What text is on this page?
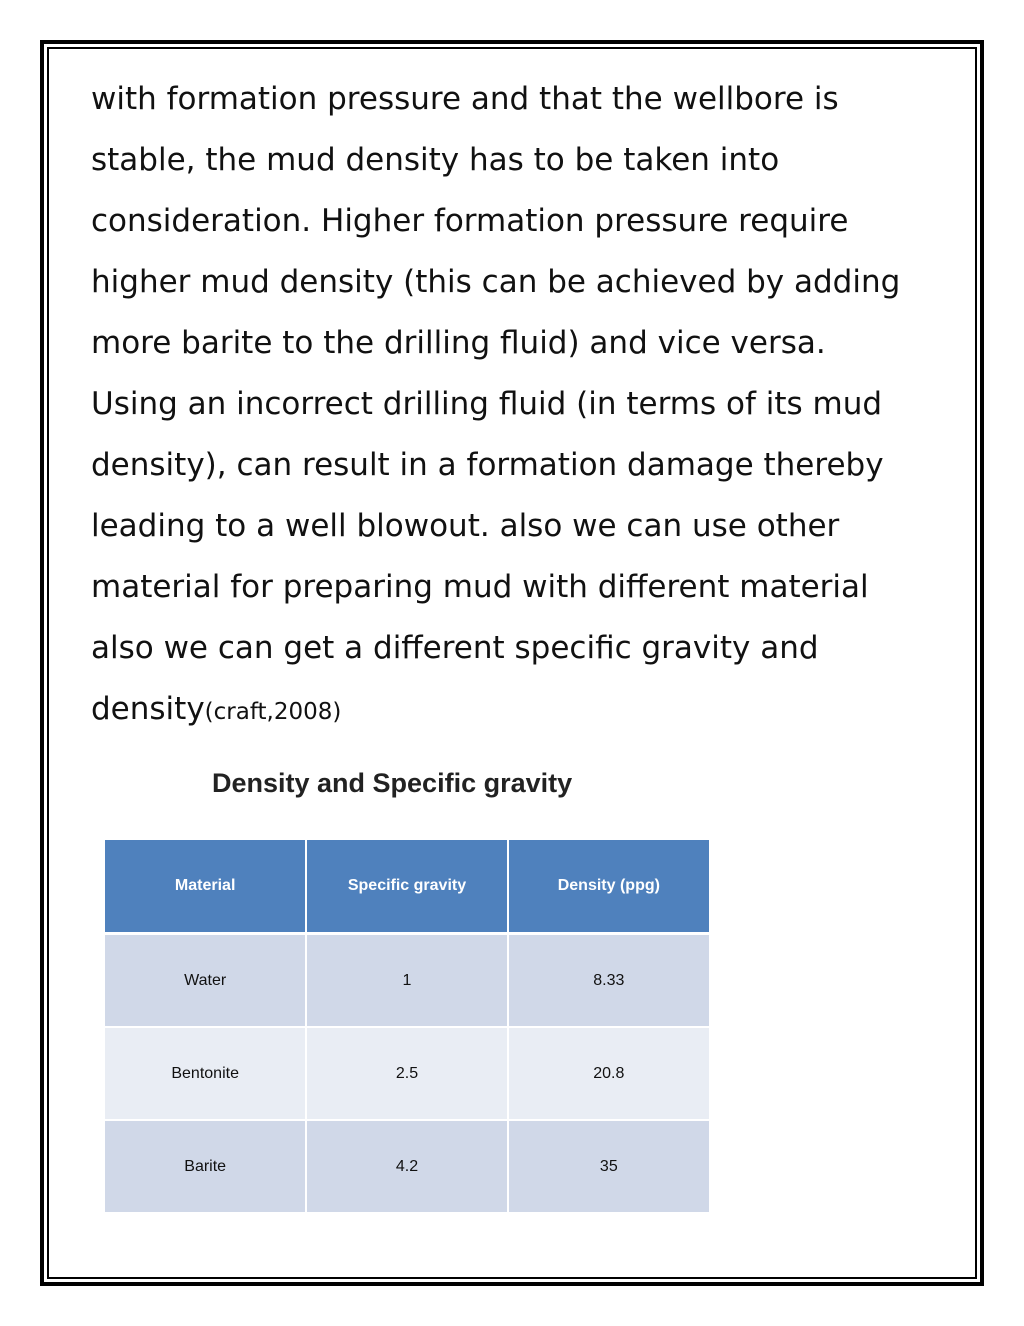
with formation pressure and that the wellbore is
stable, the mud density has to be taken into
consideration. Higher formation pressure require
higher mud density (this can be achieved by adding
more barite to the drilling fluid) and vice versa.
Using an incorrect drilling fluid (in terms of its mud
density), can result in a formation damage thereby
leading to a well blowout. also we can use other
material for preparing mud with different material
also we can get a different specific gravity and
density(craft,2008)
Density and Specific gravity
Material	Specific gravity	Density (ppg)
Water	1	8.33
Bentonite	2.5	20.8
Barite	4.2	35
